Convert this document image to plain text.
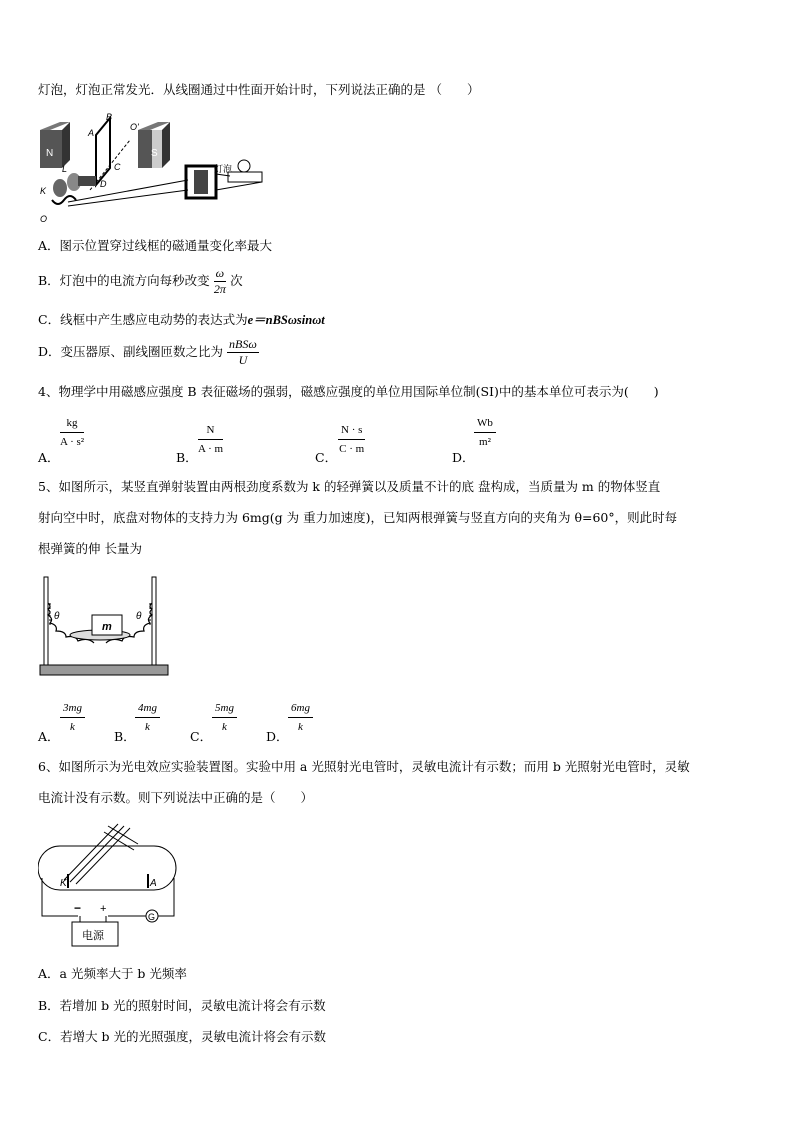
灯泡，灯泡正常发光．从线圈通过中性面开始计时，下列说法正确的是 （　　）
N	S
A
B
C
D
O'
L
K
O
灯泡
A．图示位置穿过线框的磁通量变化率最大
B．灯泡中的电流方向每秒改变 $\frac{\omega}{2\pi}$ 次
C．线框中产生感应电动势的表达式为e＝nBSωsinωt
D．变压器原、副线圈匝数之比为 $\frac{\text{nBSω}}{U}$
4、物理学中用磁感应强度 B 表征磁场的强弱，磁感应强度的单位用国际单位制(SI)中的基本单位可表示为(　　)
$\frac{kg}{\text{A · s²}}$
A．
$\frac{N}{A \cdot m}$
B．
$\frac{N \cdot s}{C \cdot m}$
C．
$\frac{Wb}{\text{m²}}$
D．
5、如图所示，某竖直弹射装置由两根劲度系数为 k 的轻弹簧以及质量不计的底 盘构成，当质量为 m 的物体竖直
射向空中时，底盘对物体的支持力为 6mg(g 为 重力加速度)，已知两根弹簧与竖直方向的夹角为 θ=60°，则此时每
根弹簧的伸 长量为
θ	θ
m
$\frac{3mg}{k}$
A．
$\frac{4mg}{k}$
B．
$\frac{5mg}{k}$
C．
$\frac{6mg}{k}$
D．
6、如图所示为光电效应实验装置图。实验中用 a 光照射光电管时，灵敏电流计有示数；而用 b 光照射光电管时，灵敏
电流计没有示数。则下列说法中正确的是（　　）
K	A
G
− +
电源
A．a 光频率大于 b 光频率
B．若增加 b 光的照射时间，灵敏电流计将会有示数
C．若增大 b 光的光照强度，灵敏电流计将会有示数
